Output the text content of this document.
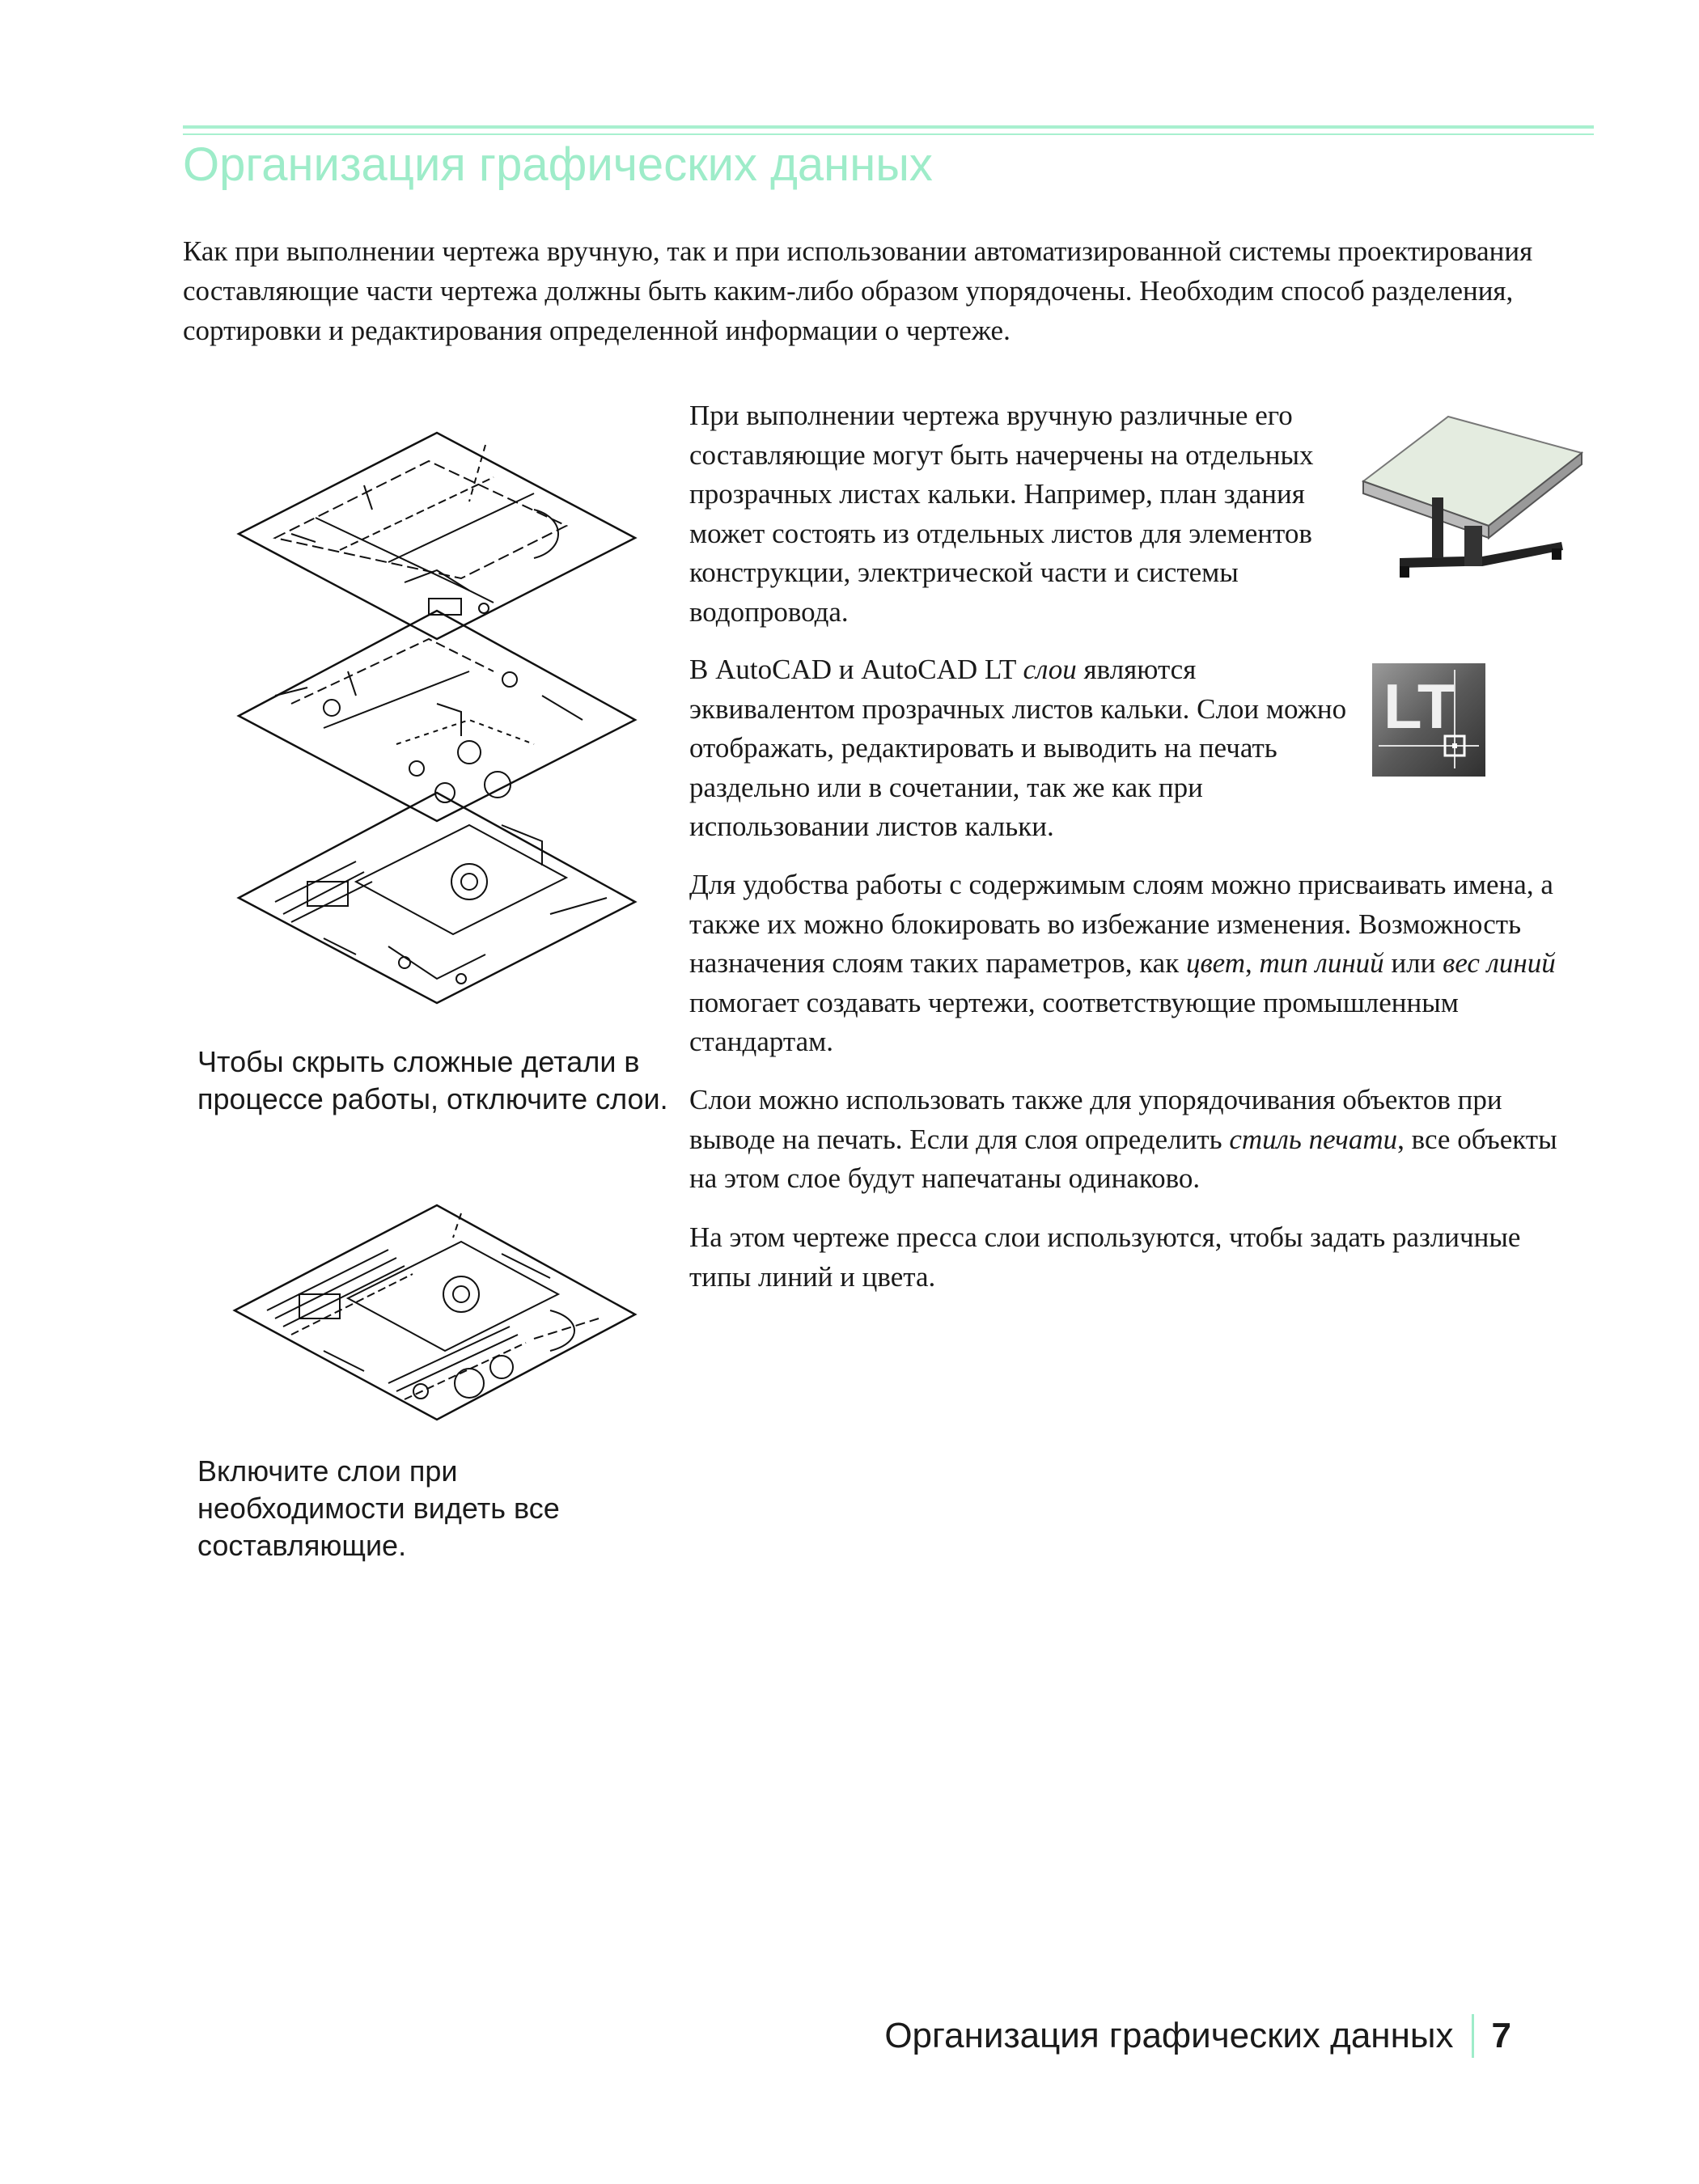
Организация графических данных

Как при выполнении чертежа вручную, так и при использовании автоматизированной системы проектирования составляющие части чертежа должны быть каким-либо образом упорядочены. Необходим способ разделения, сортировки и редактирования определенной информации о чертеже.

Чтобы скрыть сложные детали в процессе работы, отключите слои.

Включите слои при необходимости видеть все составляющие.

LT

При выполнении чертежа вручную различные его составляющие могут быть начерчены на отдельных прозрачных листах кальки. Например, план здания может состоять из отдельных листов для элементов конструкции, электрической части и системы водопровода.

В AutoCAD и AutoCAD LT слои являются эквивалентом прозрачных листов кальки. Слои можно отображать, редактировать и выводить на печать раздельно или в сочетании, так же как при использовании листов кальки.

Для удобства работы с содержимым слоям можно присваивать имена, а также их можно блокировать во избежание изменения. Возможность назначения слоям таких параметров, как цвет, тип линий или вес линий помогает создавать чертежи, соответствующие промышленным стандартам.

Слои можно использовать также для упорядочивания объектов при выводе на печать. Если для слоя определить стиль печати, все объекты на этом слое будут напечатаны одинаково.

На этом чертеже пресса слои используются, чтобы задать различные типы линий и цвета.

Организация графических данных 7
